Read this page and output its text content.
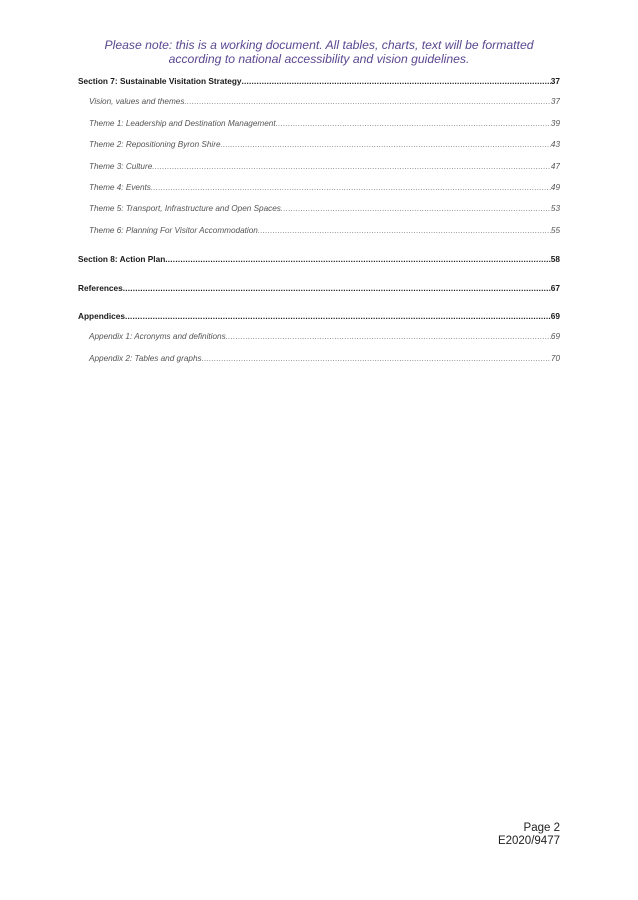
Please note: this is a working document. All tables, charts, text will be formatted
according to national accessibility and vision guidelines.
Section 7: Sustainable Visitation Strategy .....	37
Vision, values and themes .....	37
Theme 1: Leadership and Destination Management .....	39
Theme 2: Repositioning Byron Shire .....	43
Theme 3: Culture .....	47
Theme 4: Events .....	49
Theme 5: Transport, Infrastructure and Open Spaces .....	53
Theme 6: Planning For Visitor Accommodation .....	55
Section 8: Action Plan .....	58
References .....	67
Appendices .....	69
Appendix 1: Acronyms and definitions .....	69
Appendix 2: Tables and graphs .....	70
Page 2
E2020/9477
